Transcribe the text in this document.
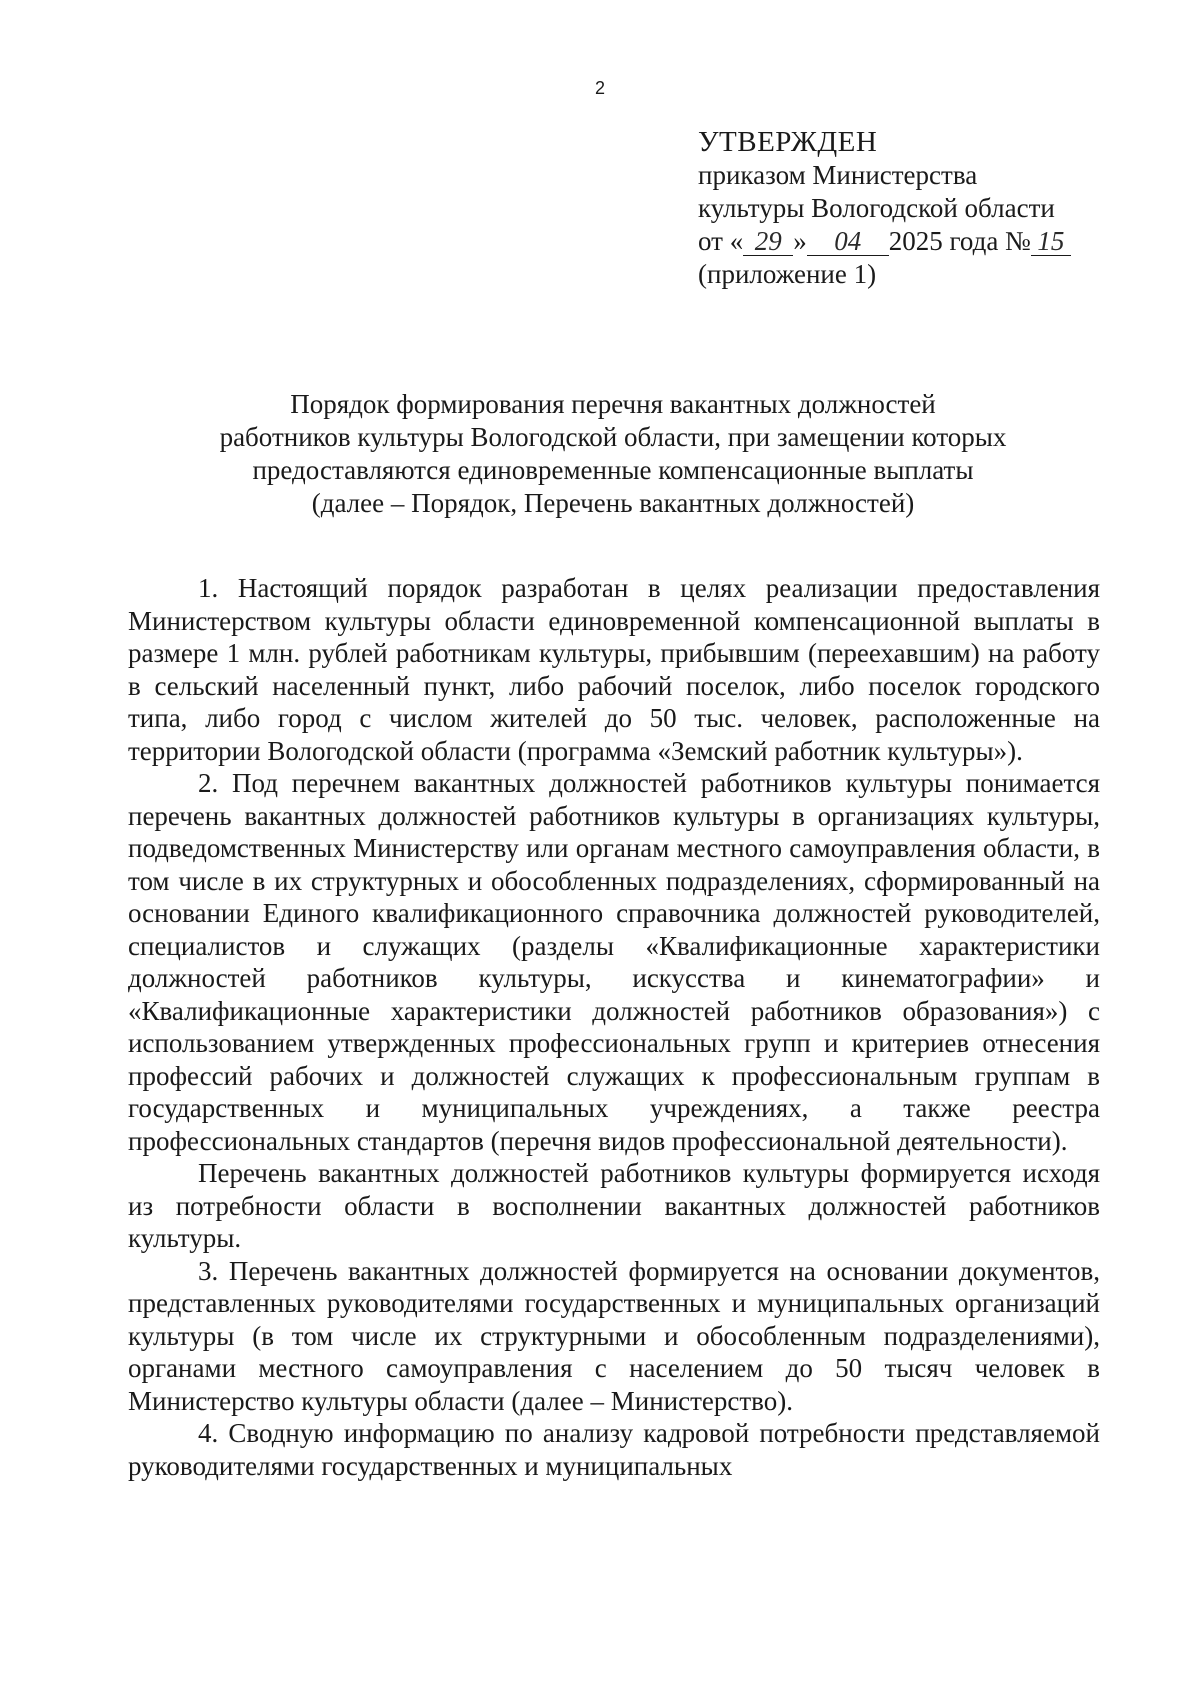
2
УТВЕРЖДЕН
приказом Министерства
культуры Вологодской области
от « 29 » 04 2025 года № 15
(приложение 1)
Порядок формирования перечня вакантных должностей
работников культуры Вологодской области, при замещении которых
предоставляются единовременные компенсационные выплаты
(далее – Порядок, Перечень вакантных должностей)

1. Настоящий порядок разработан в целях реализации предоставления Министерством культуры области единовременной компенсационной выплаты в размере 1 млн. рублей работникам культуры, прибывшим (переехавшим) на работу в сельский населенный пункт, либо рабочий поселок, либо поселок городского типа, либо город с числом жителей до 50 тыс. человек, расположенные на территории Вологодской области (программа «Земский работник культуры»).

2. Под перечнем вакантных должностей работников культуры понимается перечень вакантных должностей работников культуры в организациях культуры, подведомственных Министерству или органам местного самоуправления области, в том числе в их структурных и обособленных подразделениях, сформированный на основании Единого квалификационного справочника должностей руководителей, специалистов и служащих (разделы «Квалификационные характеристики должностей работников культуры, искусства и кинематографии» и «Квалификационные характеристики должностей работников образования») с использованием утвержденных профессиональных групп и критериев отнесения профессий рабочих и должностей служащих к профессиональным группам в государственных и муниципальных учреждениях, а также реестра профессиональных стандартов (перечня видов профессиональной деятельности).

Перечень вакантных должностей работников культуры формируется исходя из потребности области в восполнении вакантных должностей работников культуры.

3. Перечень вакантных должностей формируется на основании документов, представленных руководителями государственных и муниципальных организаций культуры (в том числе их структурными и обособленным подразделениями), органами местного самоуправления с населением до 50 тысяч человек в Министерство культуры области (далее – Министерство).

4. Сводную информацию по анализу кадровой потребности представляемой руководителями государственных и муниципальных
